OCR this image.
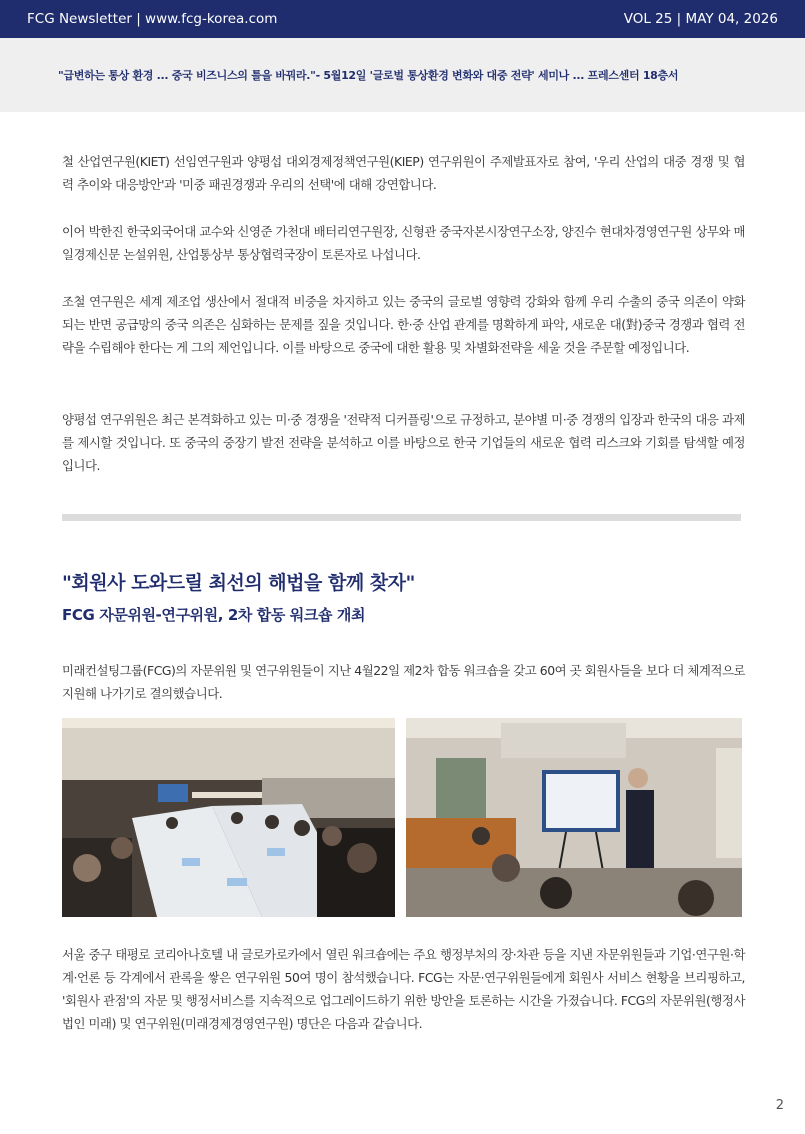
FCG Newsletter | www.fcg-korea.com	VOL 25 | MAY 04, 2026
"급변하는 통상 환경 ... 중국 비즈니스의 틀을 바꿔라."- 5월12일 '글로벌 통상환경 변화와 대중 전략' 세미나 ... 프레스센터 18층서

철 산업연구원(KIET) 선임연구원과 양평섭 대외경제정책연구원(KIEP) 연구위원이 주제발표자로 참여, '우리 산업의 대중 경쟁 및 협력 추이와 대응방안'과 '미중 패권경쟁과 우리의 선택'에 대해 강연합니다.

이어 박한진 한국외국어대 교수와 신영준 가천대 배터리연구원장, 신형관 중국자본시장연구소장, 양진수 현대차경영연구원 상무와 매일경제신문 논설위원, 산업통상부 통상협력국장이 토론자로 나섭니다.

조철 연구원은 세계 제조업 생산에서 절대적 비중을 차지하고 있는 중국의 글로벌 영향력 강화와 함께 우리 수출의 중국 의존이 약화되는 반면 공급망의 중국 의존은 심화하는 문제를 짚을 것입니다. 한·중 산업 관계를 명확하게 파악, 새로운 대(對)중국 경쟁과 협력 전략을 수립해야 한다는 게 그의 제언입니다. 이를 바탕으로 중국에 대한 활용 및 차별화전략을 세울 것을 주문할 예정입니다.

양평섭 연구위원은 최근 본격화하고 있는 미·중 경쟁을 '전략적 디커플링'으로 규정하고, 분야별 미·중 경쟁의 입장과 한국의 대응 과제를 제시할 것입니다. 또 중국의 중장기 발전 전략을 분석하고 이를 바탕으로 한국 기업들의 새로운 협력 리스크와 기회를 탐색할 예정입니다.

"회원사 도와드릴 최선의 해법을 함께 찾자"
FCG 자문위원-연구위원, 2차 합동 워크숍 개최

미래컨설팅그룹(FCG)의 자문위원 및 연구위원들이 지난 4월22일 제2차 합동 워크숍을 갖고 60여 곳 회원사들을 보다 더 체계적으로 지원해 나가기로 결의했습니다.

서울 중구 태평로 코리아나호텔 내 글로카로카에서 열린 워크숍에는 주요 행정부처의 장·차관 등을 지낸 자문위원들과 기업·연구원·학계·언론 등 각계에서 관록을 쌓은 연구위원 50여 명이 참석했습니다. FCG는 자문·연구위원들에게 회원사 서비스 현황을 브리핑하고, '회원사 관점'의 자문 및 행정서비스를 지속적으로 업그레이드하기 위한 방안을 토론하는 시간을 가졌습니다. FCG의 자문위원(행정사 법인 미래) 및 연구위원(미래경제경영연구원) 명단은 다음과 같습니다.

2
